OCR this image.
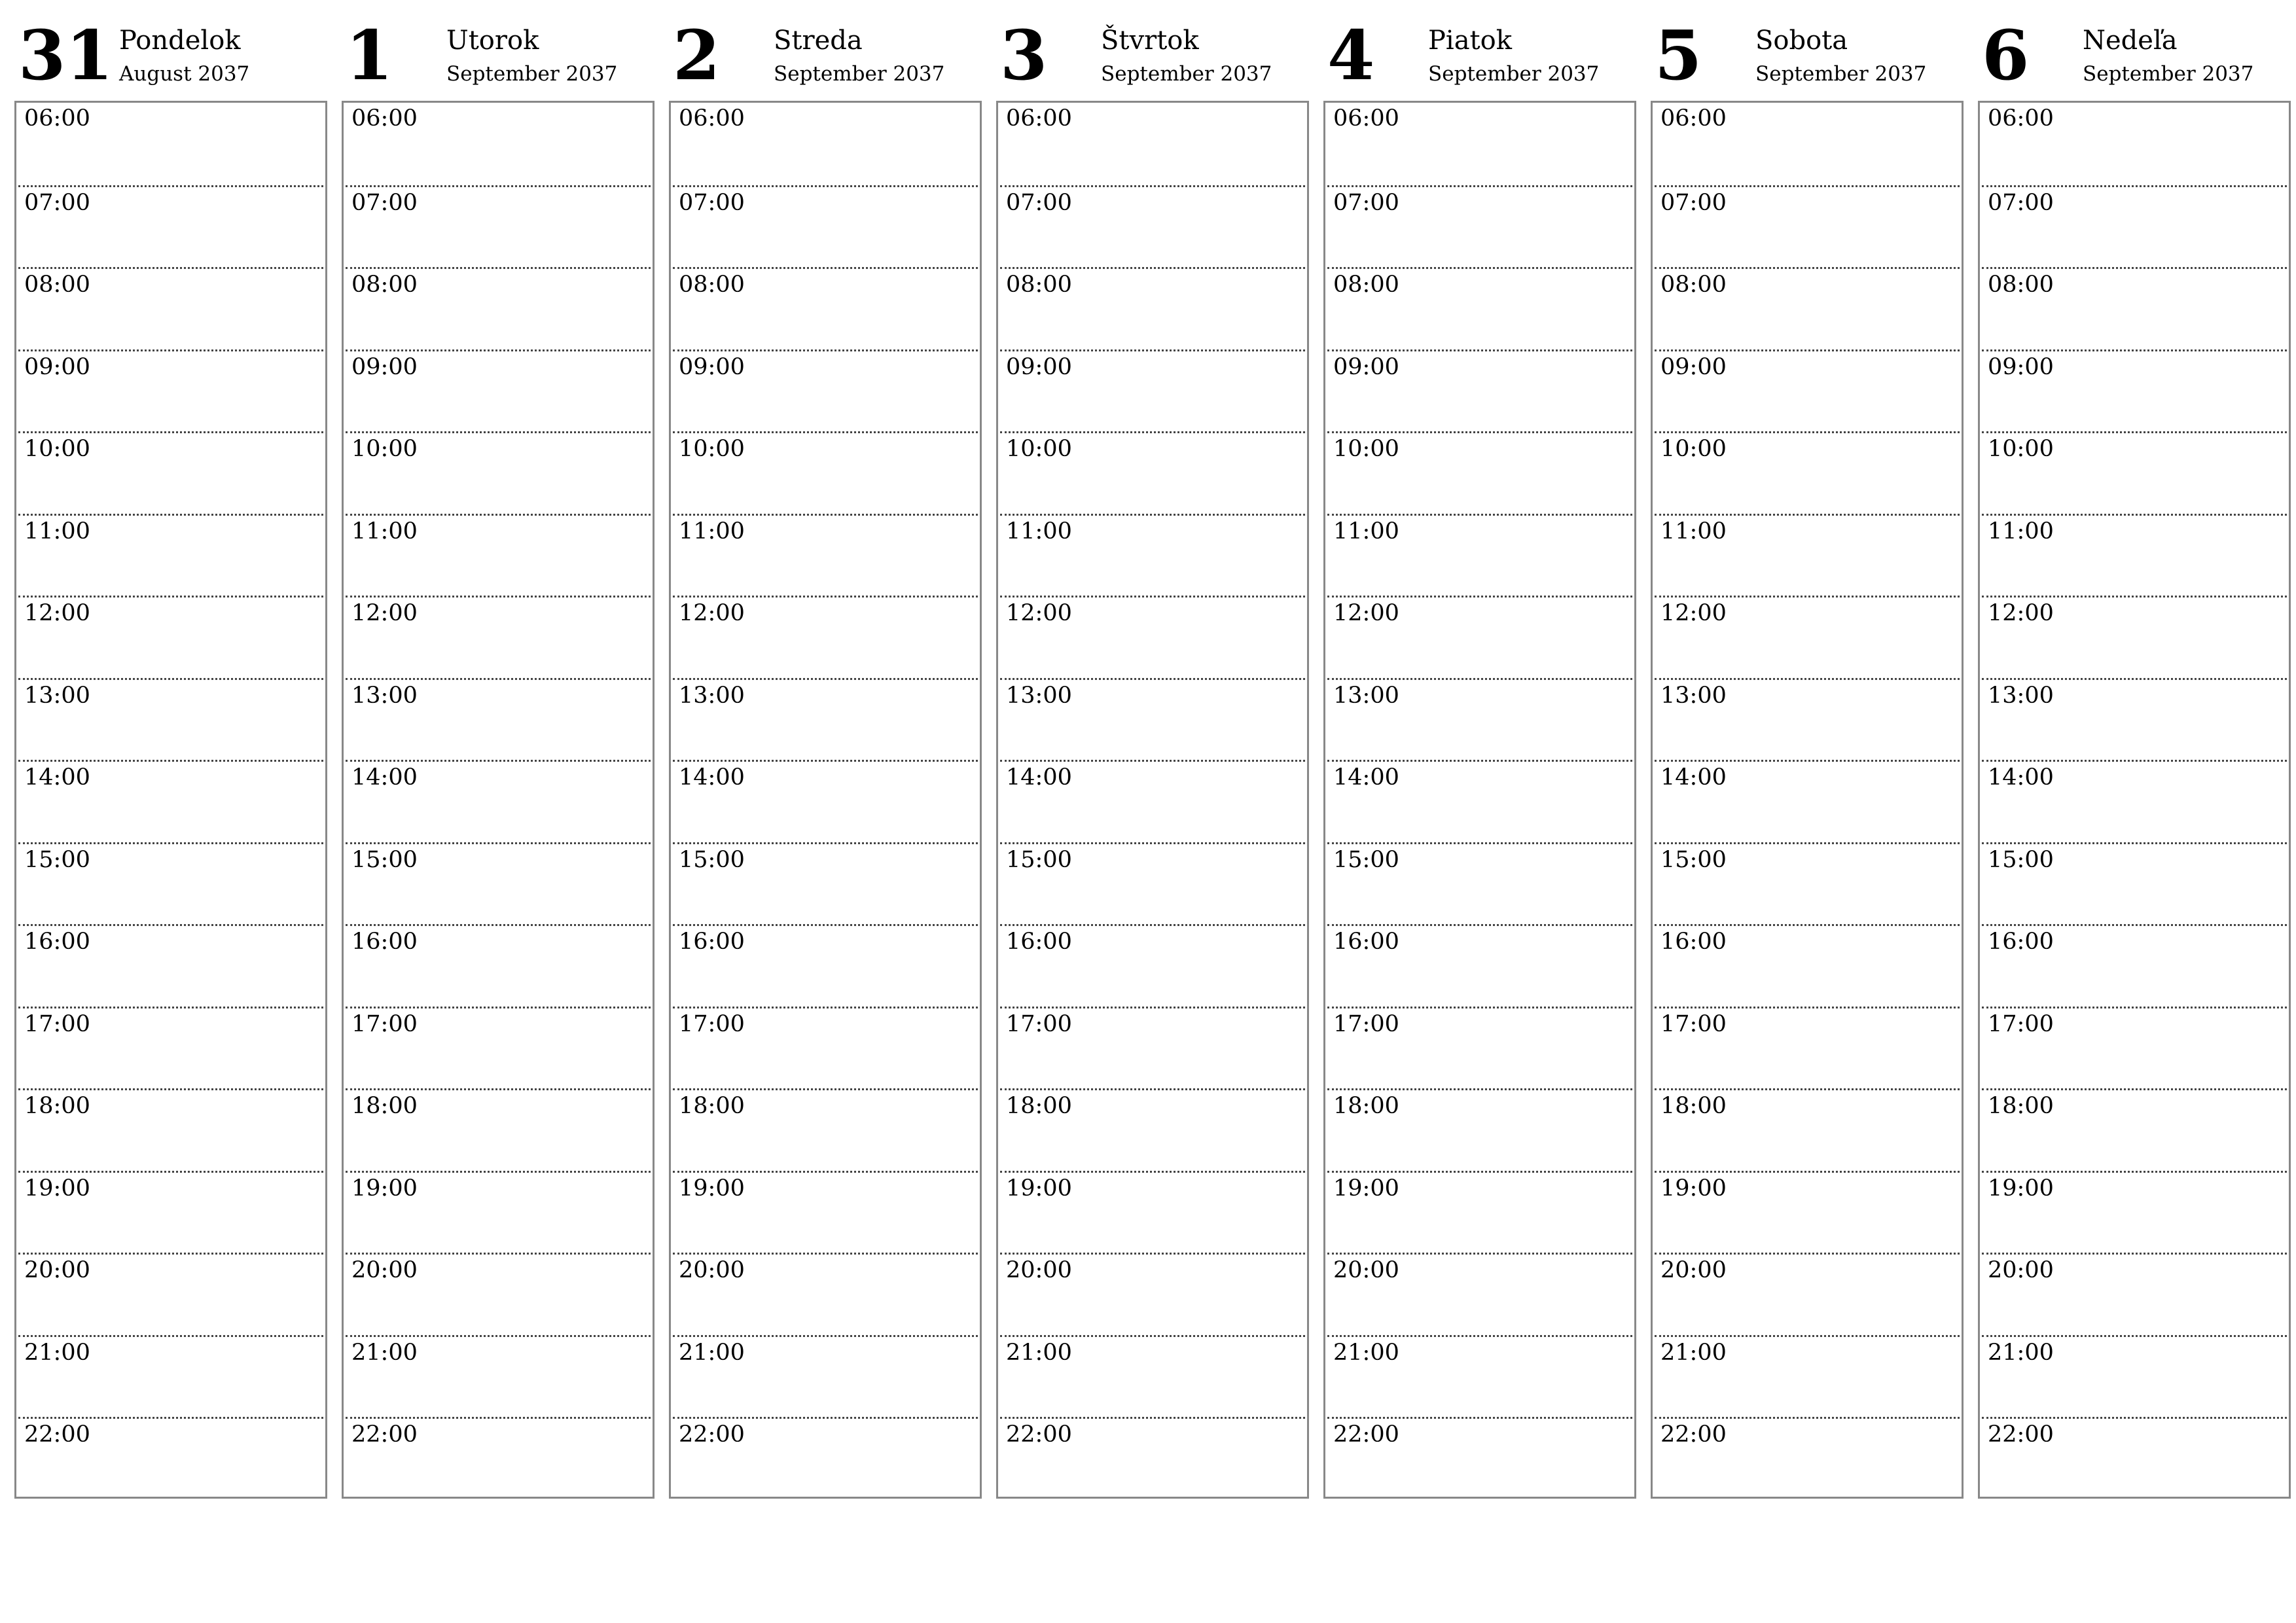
31 Pondelok
August 2037
06:00
07:00
08:00
09:00
10:00
11:00
12:00
13:00
14:00
15:00
16:00
17:00
18:00
19:00
20:00
21:00
22:00
1 Utorok
September 2037
06:00
07:00
08:00
09:00
10:00
11:00
12:00
13:00
14:00
15:00
16:00
17:00
18:00
19:00
20:00
21:00
22:00
2 Streda
September 2037
06:00
07:00
08:00
09:00
10:00
11:00
12:00
13:00
14:00
15:00
16:00
17:00
18:00
19:00
20:00
21:00
22:00
3 Štvrtok
September 2037
06:00
07:00
08:00
09:00
10:00
11:00
12:00
13:00
14:00
15:00
16:00
17:00
18:00
19:00
20:00
21:00
22:00
4 Piatok
September 2037
06:00
07:00
08:00
09:00
10:00
11:00
12:00
13:00
14:00
15:00
16:00
17:00
18:00
19:00
20:00
21:00
22:00
5 Sobota
September 2037
06:00
07:00
08:00
09:00
10:00
11:00
12:00
13:00
14:00
15:00
16:00
17:00
18:00
19:00
20:00
21:00
22:00
6 Nedeľa
September 2037
06:00
07:00
08:00
09:00
10:00
11:00
12:00
13:00
14:00
15:00
16:00
17:00
18:00
19:00
20:00
21:00
22:00
